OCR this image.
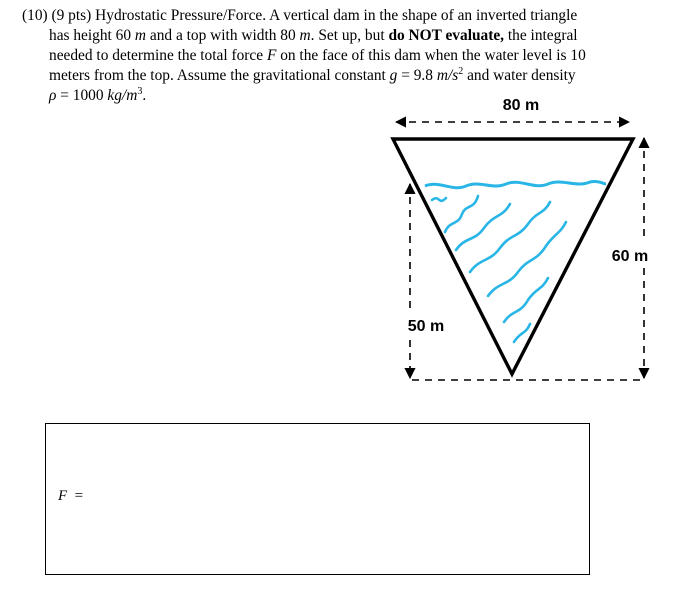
(10) (9 pts) Hydrostatic Pressure/Force. A vertical dam in the shape of an inverted triangle
has height 60 m and a top with width 80 m. Set up, but do NOT evaluate, the integral
needed to determine the total force F on the face of this dam when the water level is 10
meters from the top. Assume the gravitational constant g = 9.8 $m/s^2$ and water density
ρ = 1000 $kg/m^3$.
80 m
60 m
50 m
F =
